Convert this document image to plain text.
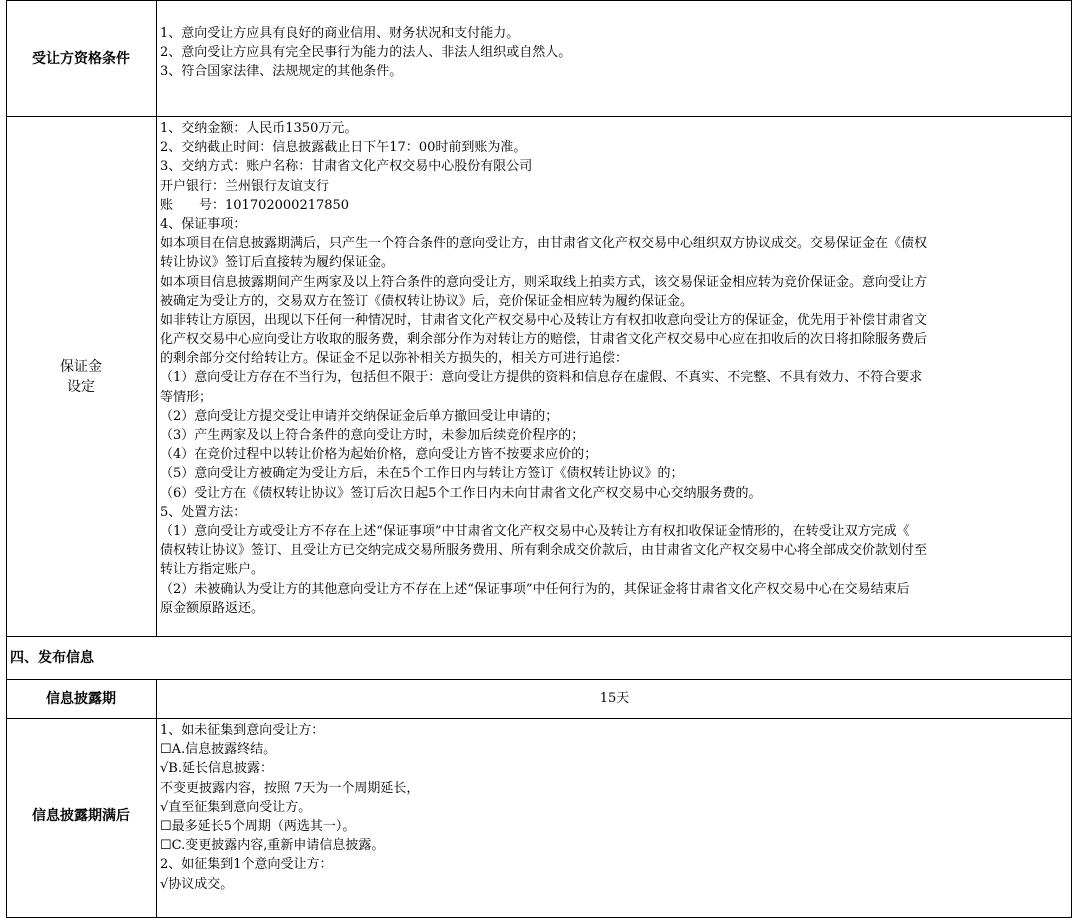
受让方资格条件
1、意向受让方应具有良好的商业信用、财务状况和支付能力。
2、意向受让方应具有完全民事行为能力的法人、非法人组织或自然人。
3、符合国家法律、法规规定的其他条件。
保证金
设定
1、交纳金额：人民币1350万元。
2、交纳截止时间：信息披露截止日下午17：00时前到账为准。
3、交纳方式：账户名称：甘肃省文化产权交易中心股份有限公司
开户银行：兰州银行友谊支行
账　　号：101702000217850
4、保证事项：
如本项目在信息披露期满后，只产生一个符合条件的意向受让方，由甘肃省文化产权交易中心组织双方协议成交。交易保证金在《债权
转让协议》签订后直接转为履约保证金。
如本项目信息披露期间产生两家及以上符合条件的意向受让方，则采取线上拍卖方式，该交易保证金相应转为竞价保证金。意向受让方
被确定为受让方的，交易双方在签订《债权转让协议》后，竞价保证金相应转为履约保证金。
如非转让方原因，出现以下任何一种情况时，甘肃省文化产权交易中心及转让方有权扣收意向受让方的保证金，优先用于补偿甘肃省文
化产权交易中心应向受让方收取的服务费，剩余部分作为对转让方的赔偿，甘肃省文化产权交易中心应在扣收后的次日将扣除服务费后
的剩余部分交付给转让方。保证金不足以弥补相关方损失的，相关方可进行追偿：
（1）意向受让方存在不当行为，包括但不限于：意向受让方提供的资料和信息存在虚假、不真实、不完整、不具有效力、不符合要求
等情形；
（2）意向受让方提交受让申请并交纳保证金后单方撤回受让申请的；
（3）产生两家及以上符合条件的意向受让方时，未参加后续竞价程序的；
（4）在竞价过程中以转让价格为起始价格，意向受让方皆不按要求应价的；
（5）意向受让方被确定为受让方后，未在5个工作日内与转让方签订《债权转让协议》的；
（6）受让方在《债权转让协议》签订后次日起5个工作日内未向甘肃省文化产权交易中心交纳服务费的。
5、处置方法：
（1）意向受让方或受让方不存在上述“保证事项”中甘肃省文化产权交易中心及转让方有权扣收保证金情形的，在转受让双方完成《
债权转让协议》签订、且受让方已交纳完成交易所服务费用、所有剩余成交价款后，由甘肃省文化产权交易中心将全部成交价款划付至
转让方指定账户。
（2）未被确认为受让方的其他意向受让方不存在上述“保证事项”中任何行为的，其保证金将甘肃省文化产权交易中心在交易结束后
原金额原路返还。
四、发布信息
信息披露期	15天
信息披露期满后
1、如未征集到意向受让方：
☐A.信息披露终结。
√B.延长信息披露：
不变更披露内容，按照 7天为一个周期延长，
√直至征集到意向受让方。
☐最多延长5个周期（两选其一）。
☐C.变更披露内容,重新申请信息披露。
2、如征集到1个意向受让方：
√协议成交。
